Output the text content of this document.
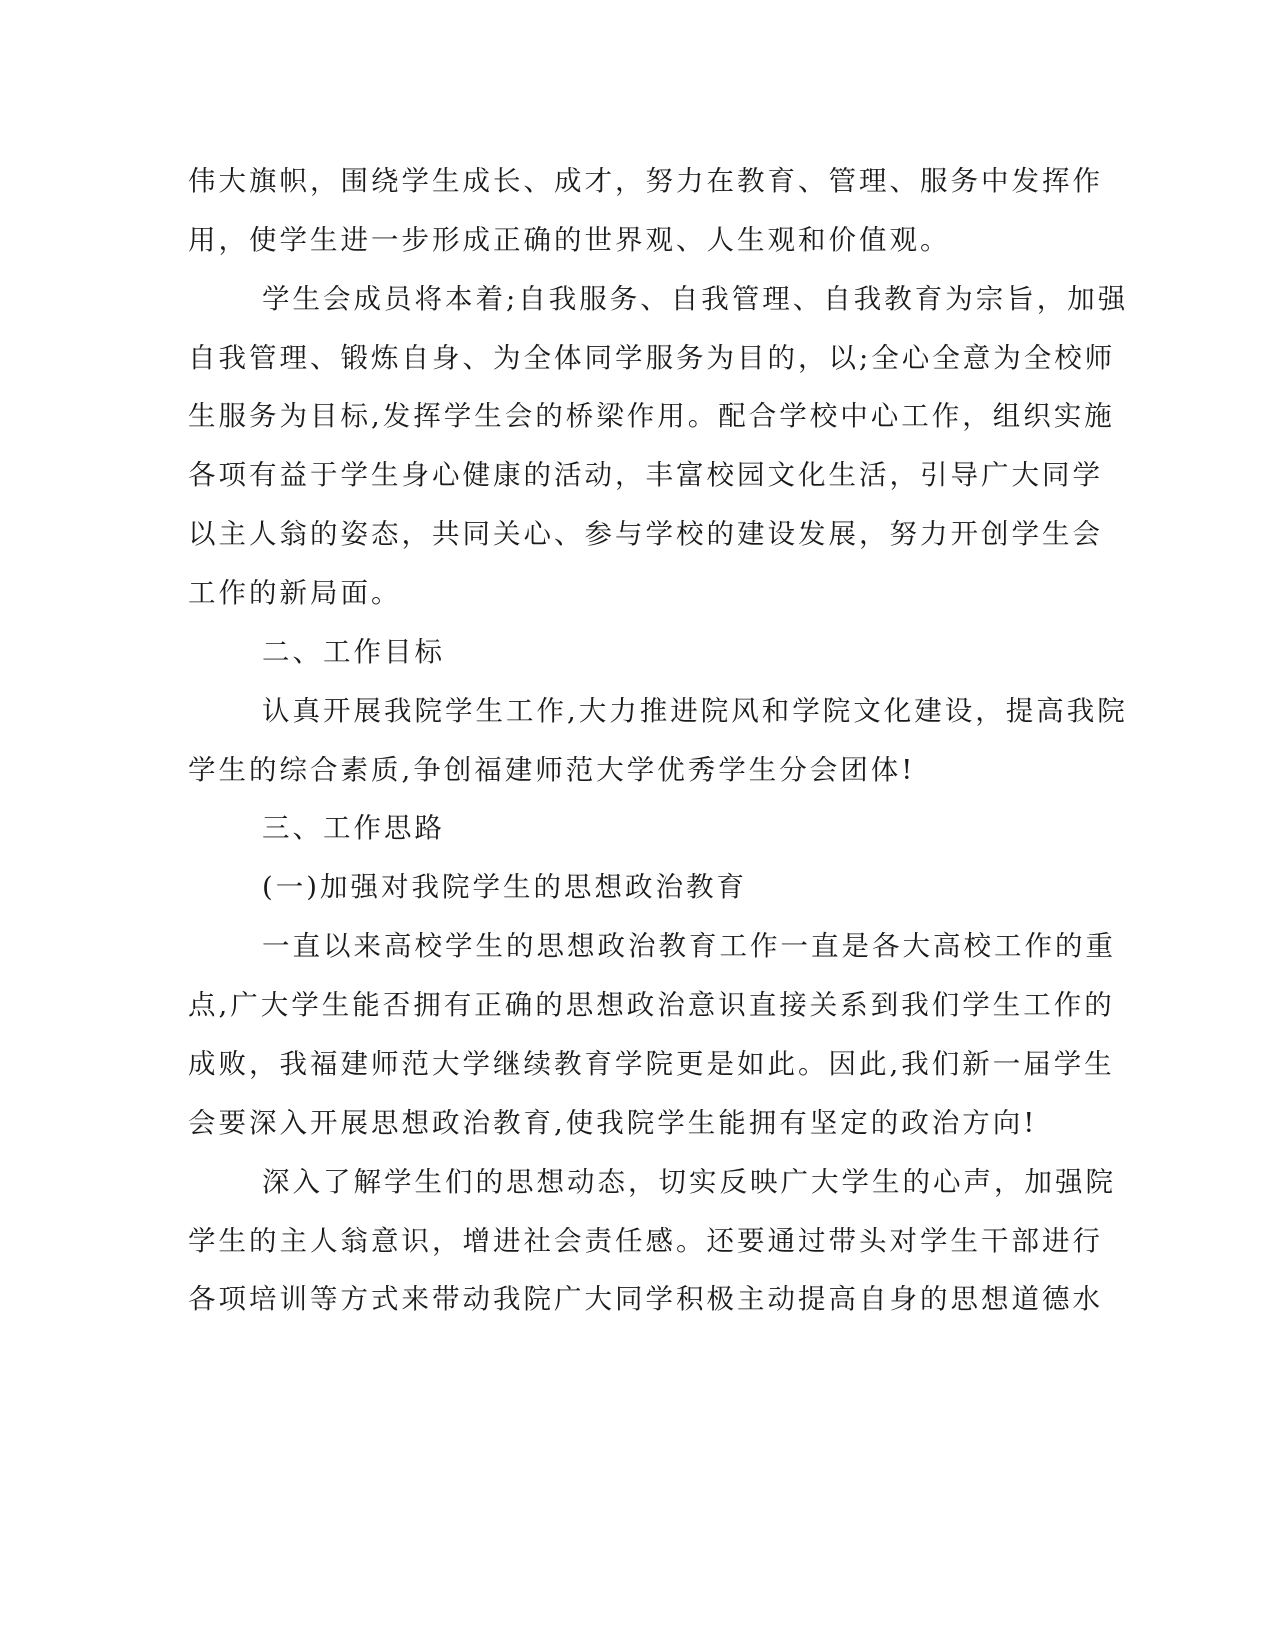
伟大旗帜，围绕学生成长、成才，努力在教育、管理、服务中发挥作
用，使学生进一步形成正确的世界观、人生观和价值观。
学生会成员将本着;自我服务、自我管理、自我教育为宗旨，加强
自我管理、锻炼自身、为全体同学服务为目的，以;全心全意为全校师
生服务为目标,发挥学生会的桥梁作用。配合学校中心工作，组织实施
各项有益于学生身心健康的活动，丰富校园文化生活，引导广大同学
以主人翁的姿态，共同关心、参与学校的建设发展，努力开创学生会
工作的新局面。
二、工作目标
认真开展我院学生工作,大力推进院风和学院文化建设，提高我院
学生的综合素质,争创福建师范大学优秀学生分会团体!
三、工作思路
(一)加强对我院学生的思想政治教育
一直以来高校学生的思想政治教育工作一直是各大高校工作的重
点,广大学生能否拥有正确的思想政治意识直接关系到我们学生工作的
成败，我福建师范大学继续教育学院更是如此。因此,我们新一届学生
会要深入开展思想政治教育,使我院学生能拥有坚定的政治方向!
深入了解学生们的思想动态，切实反映广大学生的心声，加强院
学生的主人翁意识，增进社会责任感。还要通过带头对学生干部进行
各项培训等方式来带动我院广大同学积极主动提高自身的思想道德水
